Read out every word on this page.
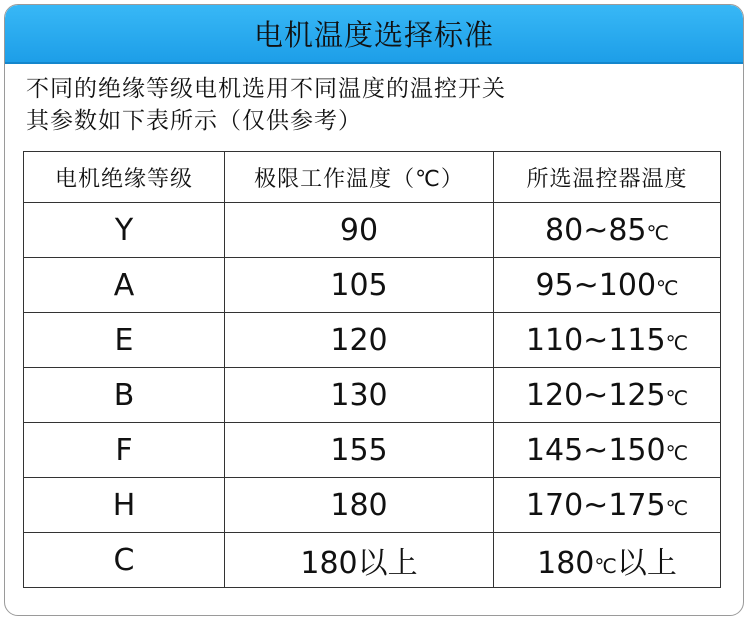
电机温度选择标准
不同的绝缘等级电机选用不同温度的温控开关
其参数如下表所示（仅供参考）
电机绝缘等级	极限工作温度（℃）	所选温控器温度
Y	90	80~85℃
A	105	95~100℃
E	120	110~115℃
B	130	120~125℃
F	155	145~150℃
H	180	170~175℃
C	180以上	180℃以上
